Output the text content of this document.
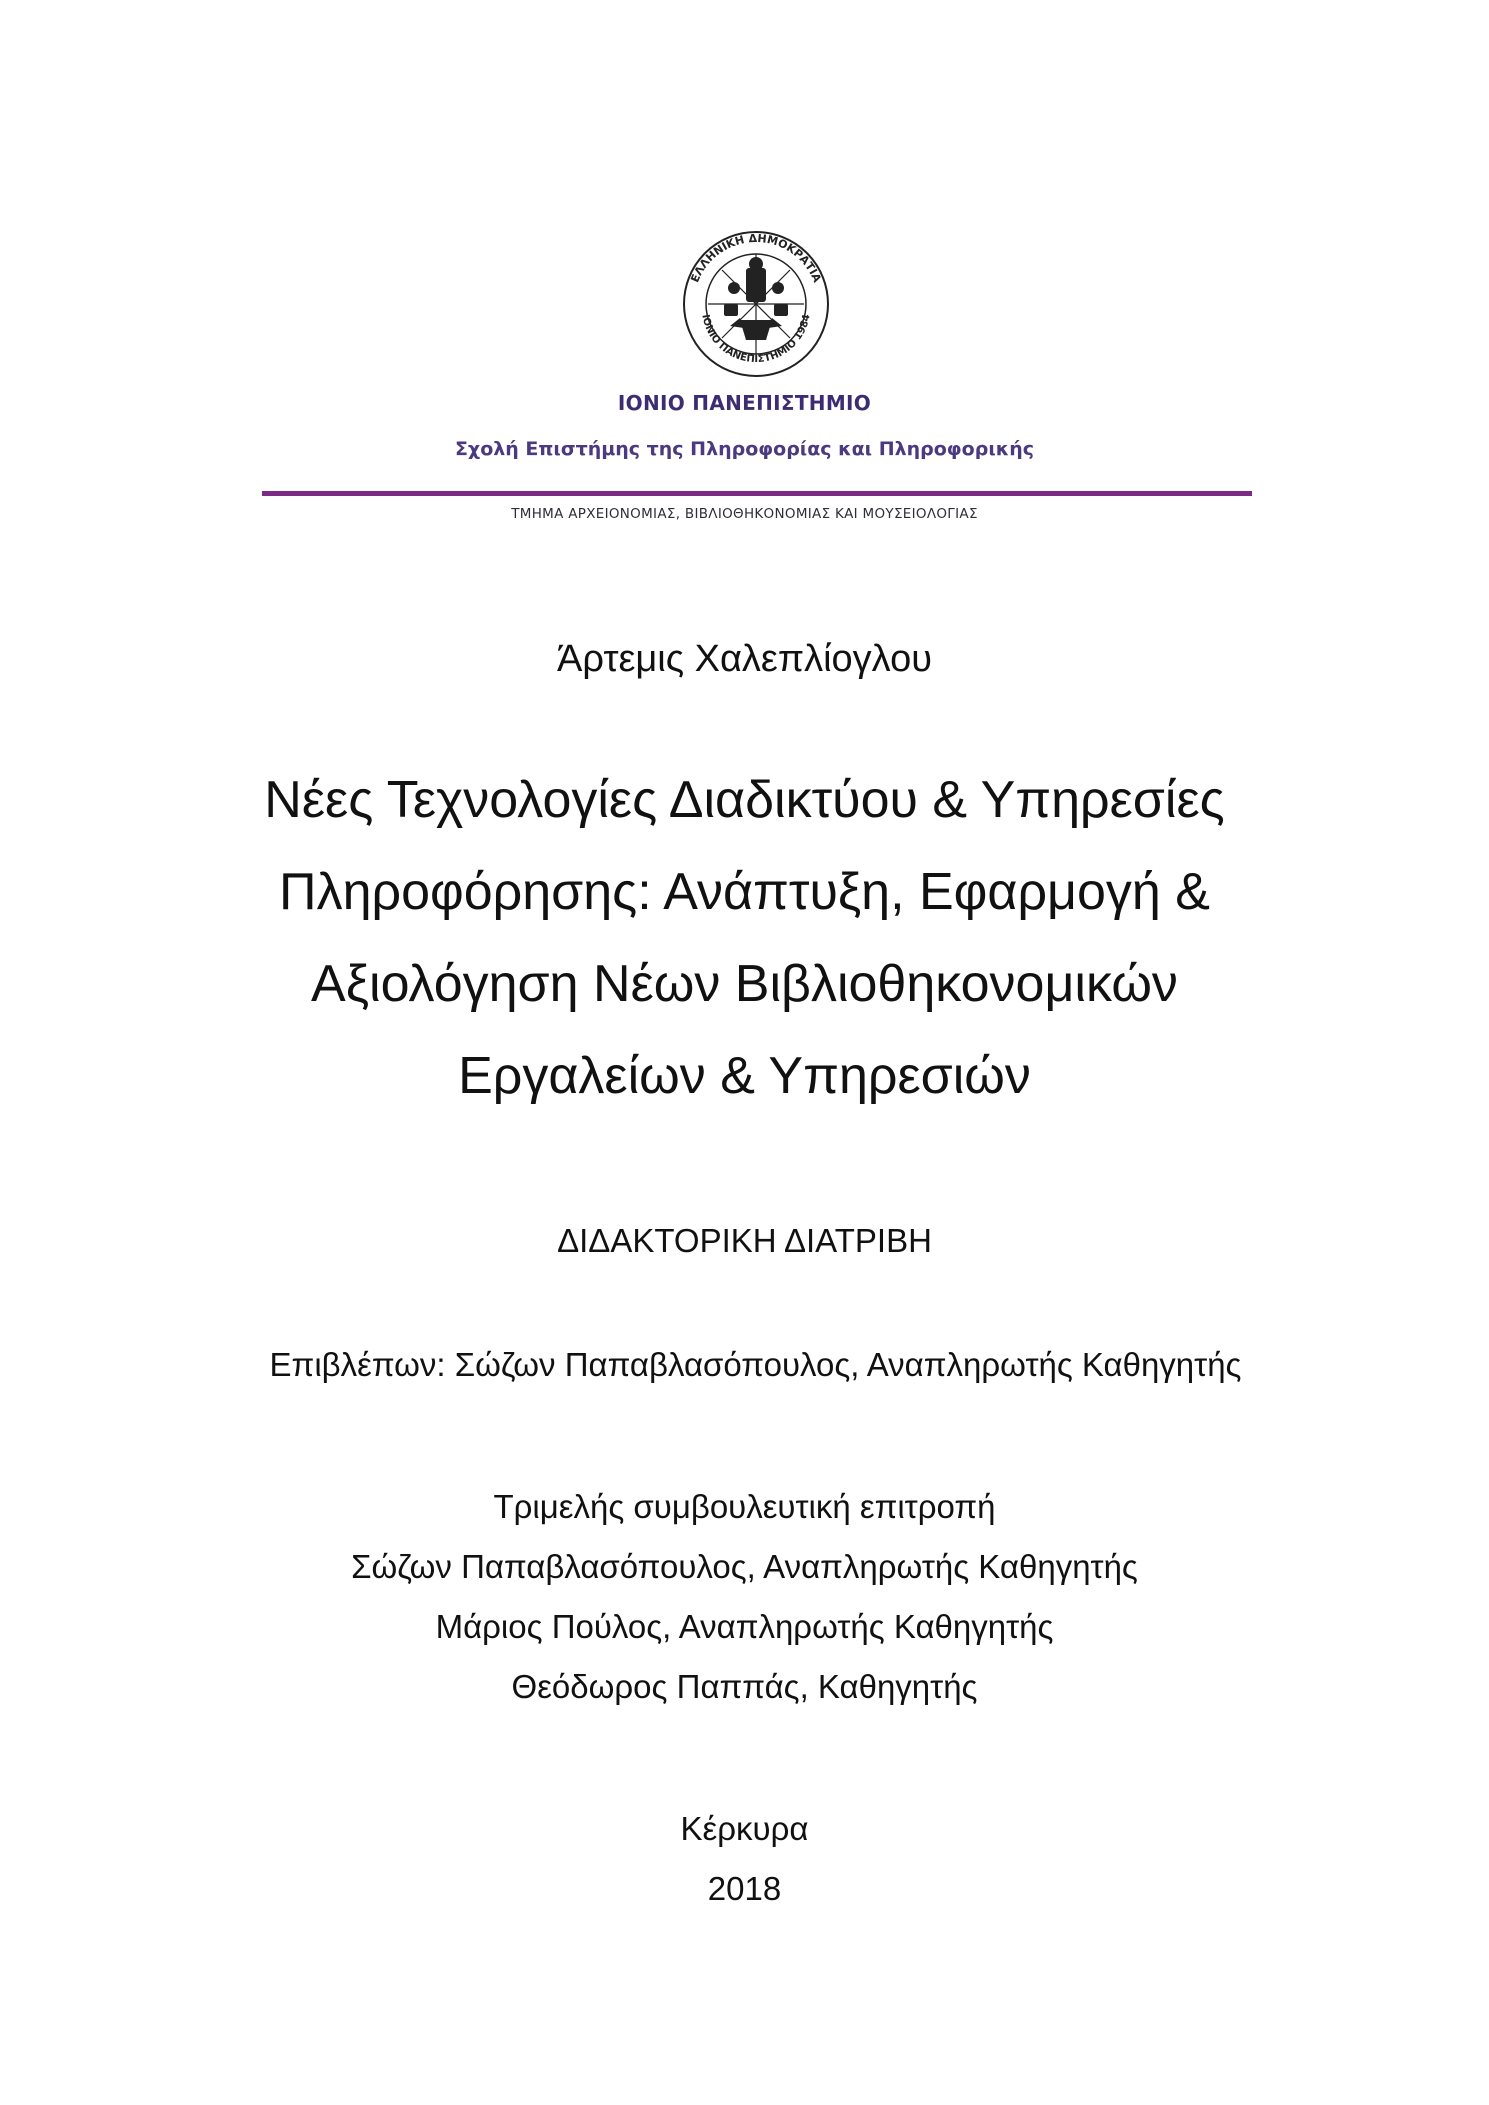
ΕΛΛΗΝΙΚΗ ΔΗΜΟΚΡΑΤΙΑ
ΙΟΝΙΟ ΠΑΝΕΠΙΣΤΗΜΙΟ 1984
ΙΟΝΙΟ ΠΑΝΕΠΙΣΤΗΜΙΟ
Σχολή Επιστήμης της Πληροφορίας και Πληροφορικής
ΤΜΗΜΑ ΑΡΧΕΙΟΝΟΜΙΑΣ, ΒΙΒΛΙΟΘΗΚΟΝΟΜΙΑΣ ΚΑΙ ΜΟΥΣΕΙΟΛΟΓΙΑΣ
Άρτεμις Χαλεπλίογλου
Νέες Τεχνολογίες Διαδικτύου & Υπηρεσίες
Πληροφόρησης: Ανάπτυξη, Εφαρμογή &
Αξιολόγηση Νέων Βιβλιοθηκονομικών
Εργαλείων & Υπηρεσιών
ΔΙΔΑΚΤΟΡΙΚΗ ΔΙΑΤΡΙΒΗ
Επιβλέπων: Σώζων Παπαβλασόπουλος, Αναπληρωτής Καθηγητής
Τριμελής συμβουλευτική επιτροπή
Σώζων Παπαβλασόπουλος, Αναπληρωτής Καθηγητής
Μάριος Πούλος, Αναπληρωτής Καθηγητής
Θεόδωρος Παππάς, Καθηγητής
Κέρκυρα
2018
